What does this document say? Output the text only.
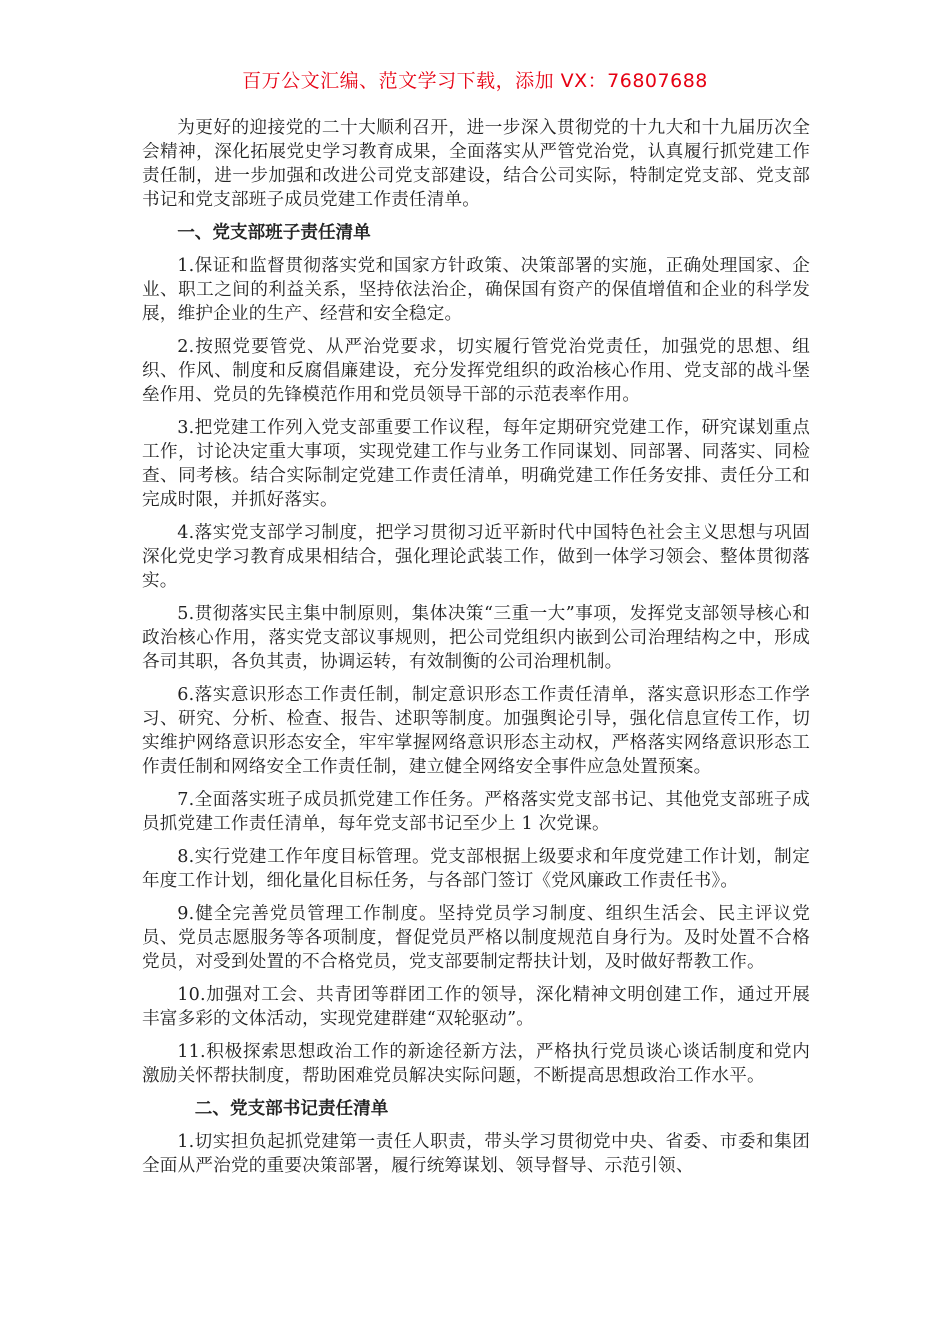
百万公文汇编、范文学习下载，添加 VX：76807688

为更好的迎接党的二十大顺利召开，进一步深入贯彻党的十九大和十九届历次全会精神，深化拓展党史学习教育成果，全面落实从严管党治党，认真履行抓党建工作责任制，进一步加强和改进公司党支部建设，结合公司实际，特制定党支部、党支部书记和党支部班子成员党建工作责任清单。

一、党支部班子责任清单

1.保证和监督贯彻落实党和国家方针政策、决策部署的实施，正确处理国家、企业、职工之间的利益关系，坚持依法治企，确保国有资产的保值增值和企业的科学发展，维护企业的生产、经营和安全稳定。

2.按照党要管党、从严治党要求，切实履行管党治党责任，加强党的思想、组织、作风、制度和反腐倡廉建设，充分发挥党组织的政治核心作用、党支部的战斗堡垒作用、党员的先锋模范作用和党员领导干部的示范表率作用。

3.把党建工作列入党支部重要工作议程，每年定期研究党建工作，研究谋划重点工作，讨论决定重大事项，实现党建工作与业务工作同谋划、同部署、同落实、同检查、同考核。结合实际制定党建工作责任清单，明确党建工作任务安排、责任分工和完成时限，并抓好落实。

4.落实党支部学习制度，把学习贯彻习近平新时代中国特色社会主义思想与巩固深化党史学习教育成果相结合，强化理论武装工作，做到一体学习领会、整体贯彻落实。

5.贯彻落实民主集中制原则，集体决策“三重一大”事项，发挥党支部领导核心和政治核心作用，落实党支部议事规则，把公司党组织内嵌到公司治理结构之中，形成各司其职，各负其责，协调运转，有效制衡的公司治理机制。

6.落实意识形态工作责任制，制定意识形态工作责任清单，落实意识形态工作学习、研究、分析、检查、报告、述职等制度。加强舆论引导，强化信息宣传工作，切实维护网络意识形态安全，牢牢掌握网络意识形态主动权，严格落实网络意识形态工作责任制和网络安全工作责任制，建立健全网络安全事件应急处置预案。

7.全面落实班子成员抓党建工作任务。严格落实党支部书记、其他党支部班子成员抓党建工作责任清单，每年党支部书记至少上 1 次党课。

8.实行党建工作年度目标管理。党支部根据上级要求和年度党建工作计划，制定年度工作计划，细化量化目标任务，与各部门签订《党风廉政工作责任书》。

9.健全完善党员管理工作制度。坚持党员学习制度、组织生活会、民主评议党员、党员志愿服务等各项制度，督促党员严格以制度规范自身行为。及时处置不合格党员，对受到处置的不合格党员，党支部要制定帮扶计划，及时做好帮教工作。

10.加强对工会、共青团等群团工作的领导，深化精神文明创建工作，通过开展丰富多彩的文体活动，实现党建群建“双轮驱动”。

11.积极探索思想政治工作的新途径新方法，严格执行党员谈心谈话制度和党内激励关怀帮扶制度，帮助困难党员解决实际问题，不断提高思想政治工作水平。

二、党支部书记责任清单

1.切实担负起抓党建第一责任人职责，带头学习贯彻党中央、省委、市委和集团全面从严治党的重要决策部署，履行统筹谋划、领导督导、示范引领、
